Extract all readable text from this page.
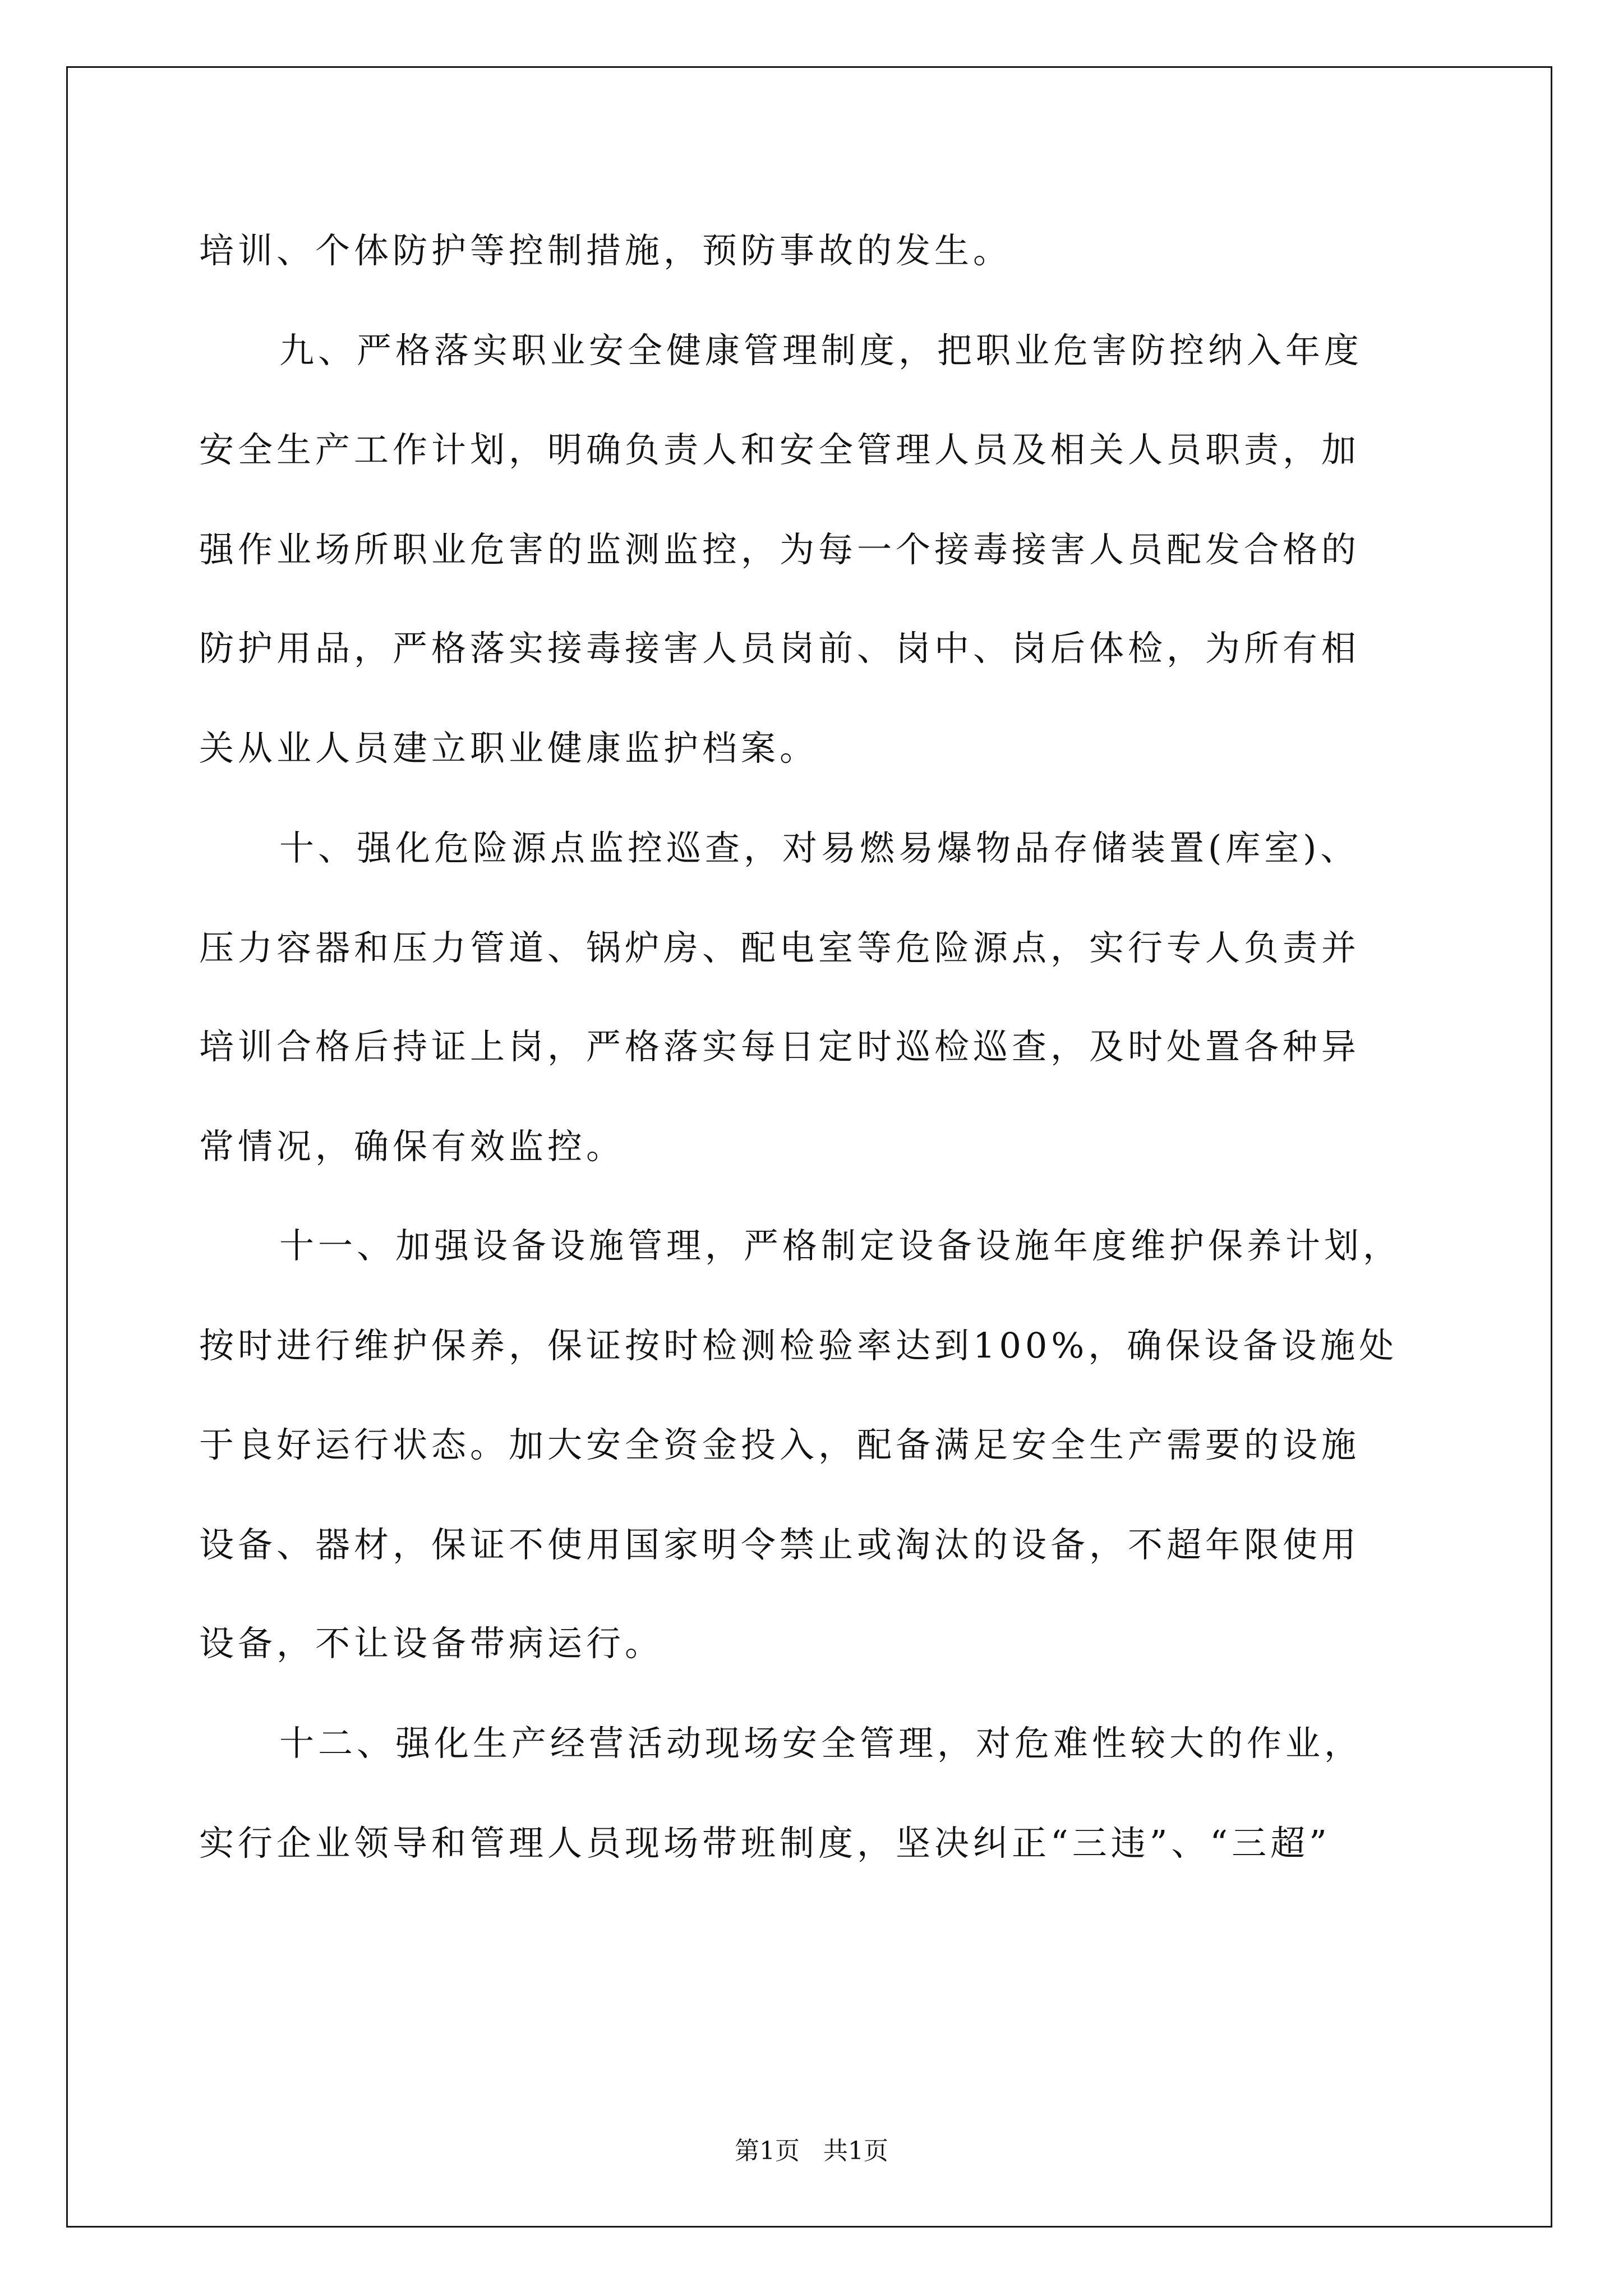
培训、个体防护等控制措施，预防事故的发生。
九、严格落实职业安全健康管理制度，把职业危害防控纳入年度
安全生产工作计划，明确负责人和安全管理人员及相关人员职责，加
强作业场所职业危害的监测监控，为每一个接毒接害人员配发合格的
防护用品，严格落实接毒接害人员岗前、岗中、岗后体检，为所有相
关从业人员建立职业健康监护档案。
十、强化危险源点监控巡查，对易燃易爆物品存储装置(库室)、
压力容器和压力管道、锅炉房、配电室等危险源点，实行专人负责并
培训合格后持证上岗，严格落实每日定时巡检巡查，及时处置各种异
常情况，确保有效监控。
十一、加强设备设施管理，严格制定设备设施年度维护保养计划，
按时进行维护保养，保证按时检测检验率达到100%，确保设备设施处
于良好运行状态。加大安全资金投入，配备满足安全生产需要的设施
设备、器材，保证不使用国家明令禁止或淘汰的设备，不超年限使用
设备，不让设备带病运行。
十二、强化生产经营活动现场安全管理，对危难性较大的作业，
实行企业领导和管理人员现场带班制度，坚决纠正“三违”、“三超”
第1页   共1页
